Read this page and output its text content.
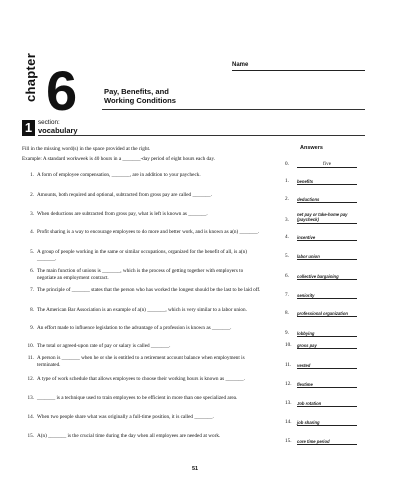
Name
chapter 6	Pay, Benefits, and
Working Conditions
1 section:
vocabulary
Fill in the missing word(s) in the space provided at the right.	Answers
Example: A standard workweek is 40 hours in a _______-day period of eight hours each day.
0.	five
1. A form of employee compensation, _______, are in addition to your paycheck.
1. benefits
2. Amounts, both required and optional, subtracted from gross pay are called _______.
2. deductions
3. When deductions are subtracted from gross pay, what is left is known as _______.
3.net pay or take-home pay
(paycheck)
4. Profit sharing is a way to encourage employees to do more and better work, and is known as a(n) _______.
4. incentive
5. A group of people working in the same or similar occupations, organized for the benefit of all, is a(n) _______.	5. labor union
6. The main function of unions is _______, which is the process of getting together with employers to negotiate an employment contract.	6. collective bargaining
7. The principle of _______ states that the person who has worked the longest should be the last to be laid off.
7. seniority
8. The American Bar Association is an example of a(n) _______, which is very similar to a labor union.	8. professional organization
9. An effort made to influence legislation to the advantage of a profession is known as _______.
9. lobbying
10. The total or agreed-upon rate of pay or salary is called _______.	10. gross pay
11. A person is _______ when he or she is entitled to a retirement account balance when employment is terminated.	11. vested
12. A type of work schedule that allows employees to choose their working hours is known as _______.
12. flextime
13. _______ is a technique used to train employees to be efficient in more than one specialized area.
13. Job rotation
14. When two people share what was originally a full-time position, it is called _______.
14. job sharing
15. A(n) _______ is the crucial time during the day when all employees are needed at work.
15. core time period
51
